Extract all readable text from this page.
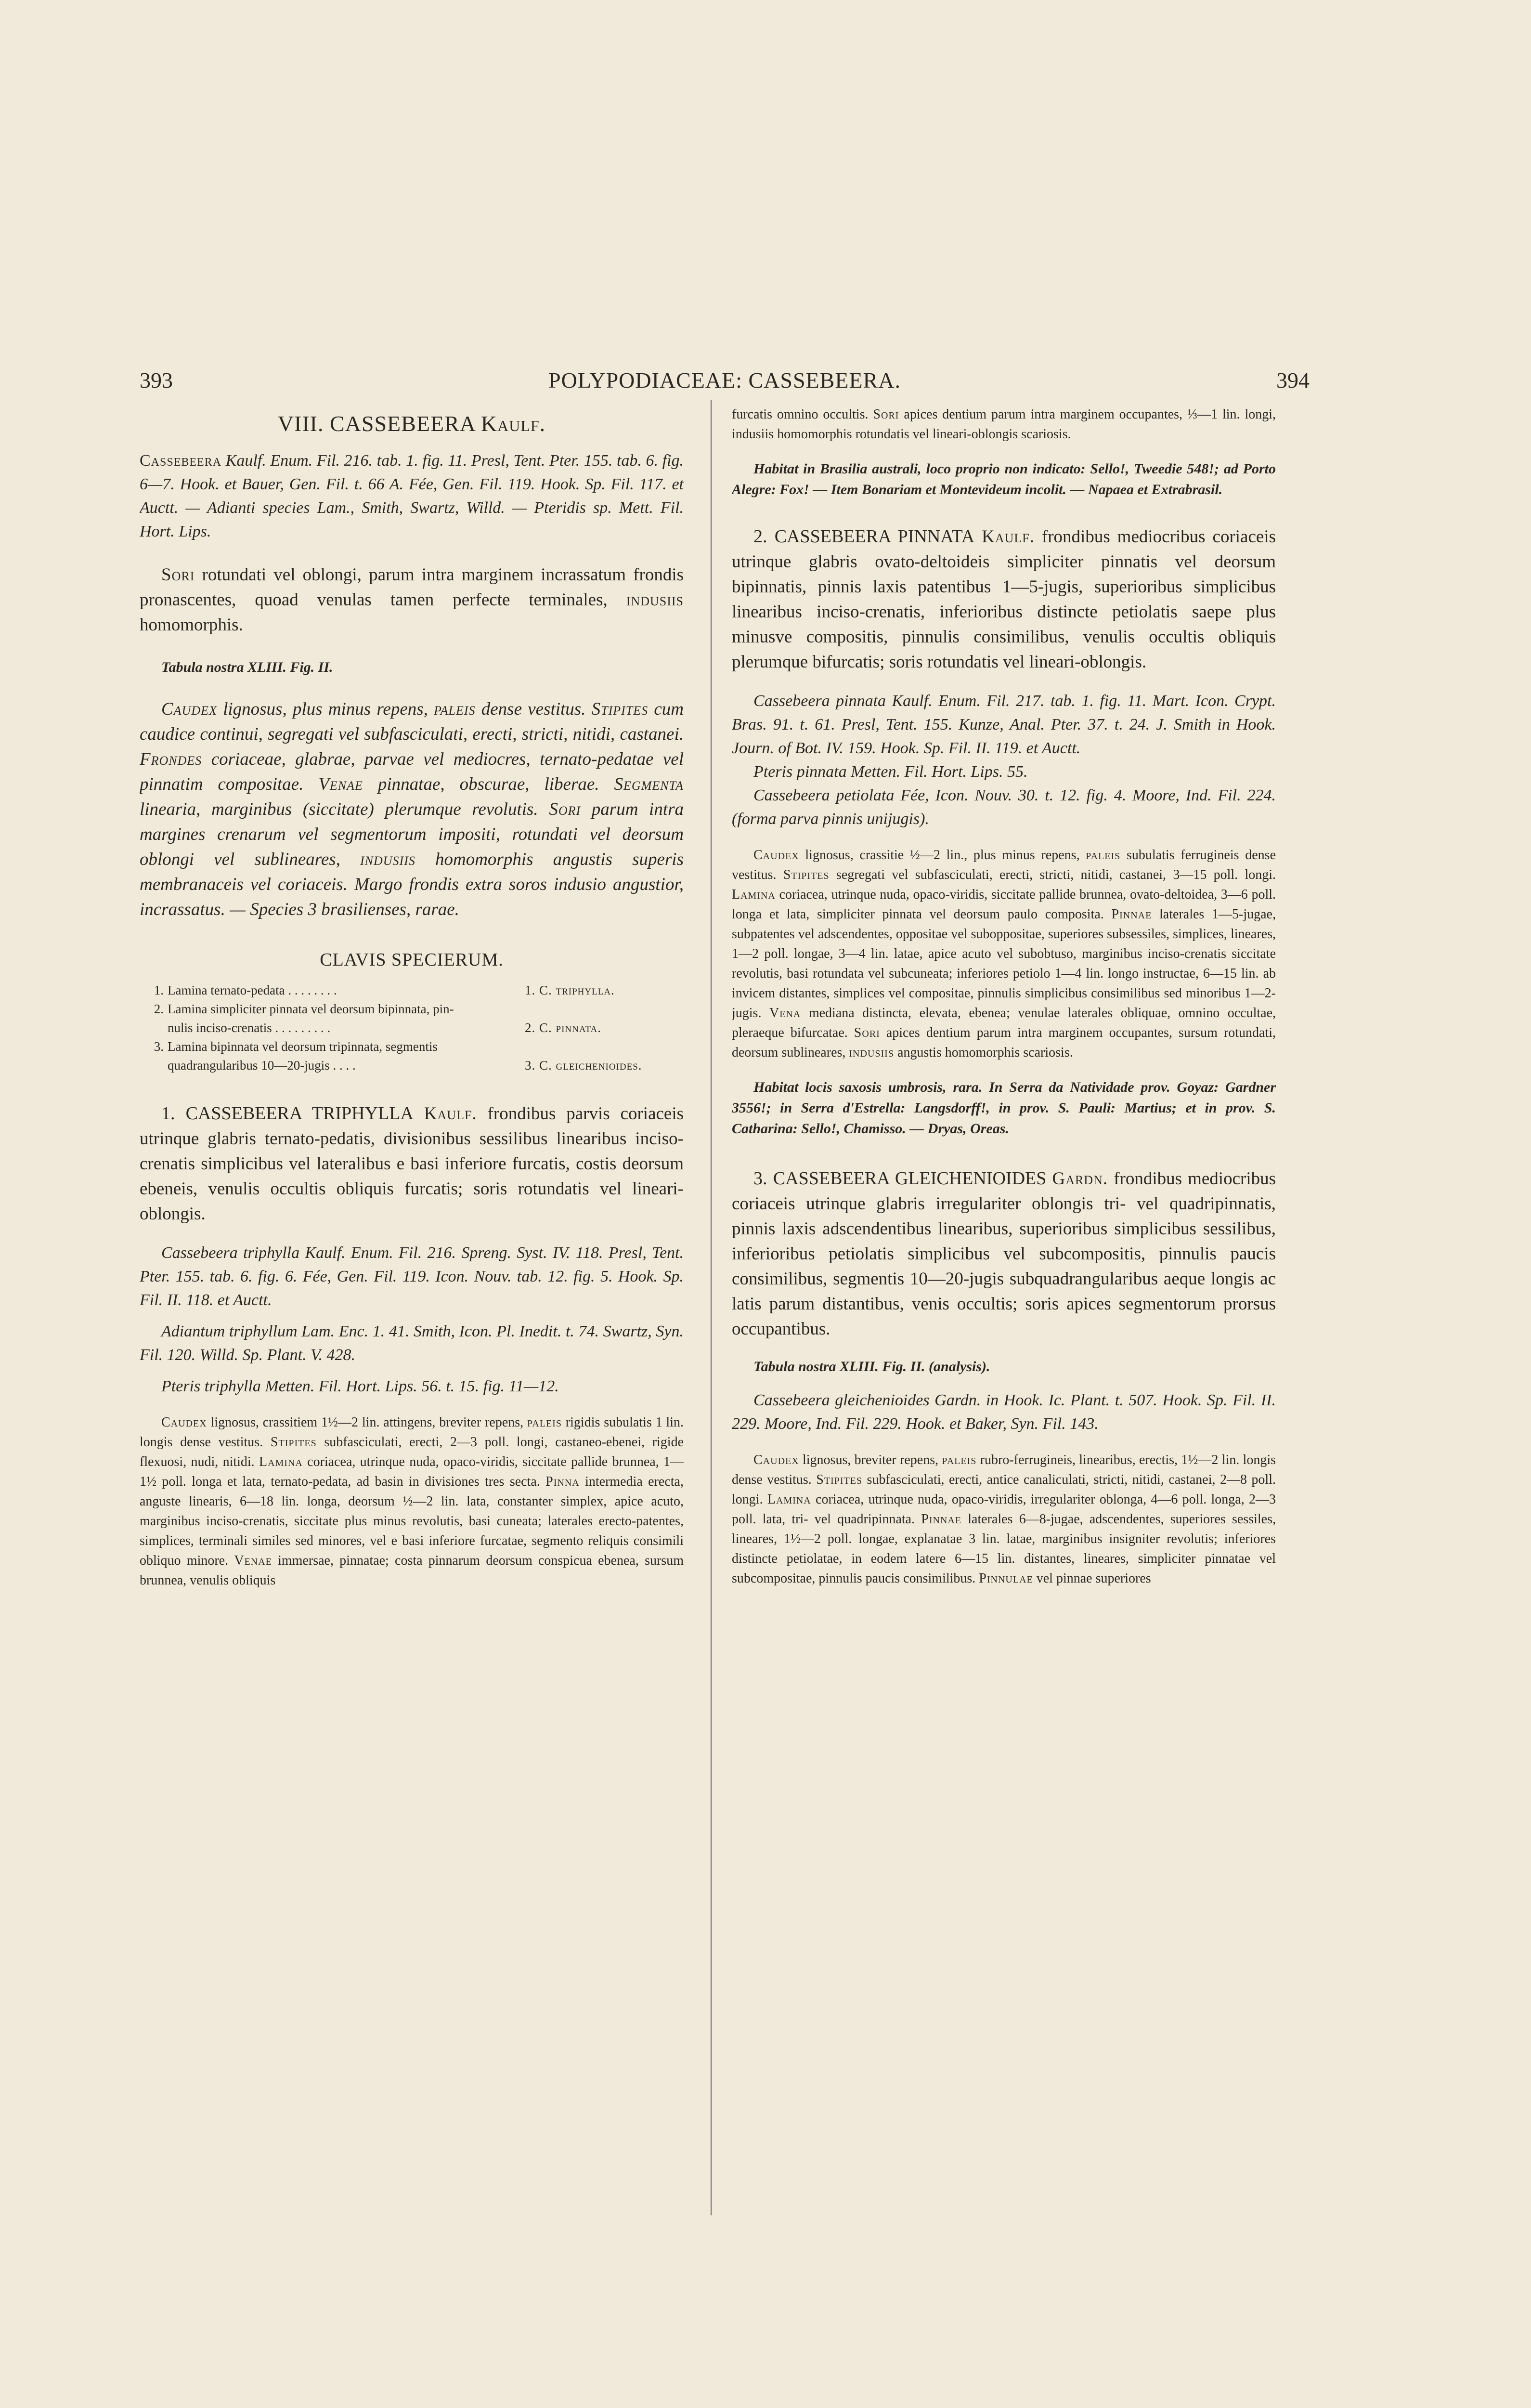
393	POLYPODIACEAE: CASSEBEERA.	394
VIII. CASSEBEERA Kaulf.

Cassebeera Kaulf. Enum. Fil. 216. tab. 1. fig. 11. Presl, Tent. Pter. 155. tab. 6. fig. 6—7. Hook. et Bauer, Gen. Fil. t. 66 A. Fée, Gen. Fil. 119. Hook. Sp. Fil. 117. et Auctt. — Adianti species Lam., Smith, Swartz, Willd. — Pteridis sp. Mett. Fil. Hort. Lips.

Sori rotundati vel oblongi, parum intra marginem incrassatum frondis pronascentes, quoad venulas tamen perfecte terminales, indusiis homomorphis.

Tabula nostra XLIII. Fig. II.

Caudex lignosus, plus minus repens, paleis dense vestitus. Stipites cum caudice continui, segregati vel subfasciculati, erecti, stricti, nitidi, castanei. Frondes coriaceae, glabrae, parvae vel mediocres, ternato-pedatae vel pinnatim compositae. Venae pinnatae, obscurae, liberae. Segmenta linearia, marginibus (siccitate) plerumque revolutis. Sori parum intra margines crenarum vel segmentorum impositi, rotundati vel deorsum oblongi vel sublineares, indusiis homomorphis angustis superis membranaceis vel coriaceis. Margo frondis extra soros indusio angustior, incrassatus. — Species 3 brasilienses, rarae.

CLAVIS SPECIERUM.
1. Lamina ternato-pedata . . . . . . . .	1. C. triphylla.
2. Lamina simpliciter pinnata vel deorsum bipinnata, pin-
nulis inciso-crenatis . . . . . . . . .	2. C. pinnata.
3. Lamina bipinnata vel deorsum tripinnata, segmentis
quadrangularibus 10—20-jugis . . . .	3. C. gleichenioides.

1. CASSEBEERA TRIPHYLLA Kaulf. frondibus parvis coriaceis utrinque glabris ternato-pedatis, divisionibus sessilibus linearibus inciso-crenatis simplicibus vel lateralibus e basi inferiore furcatis, costis deorsum ebeneis, venulis occultis obliquis furcatis; soris rotundatis vel lineari-oblongis.

Cassebeera triphylla Kaulf. Enum. Fil. 216. Spreng. Syst. IV. 118. Presl, Tent. Pter. 155. tab. 6. fig. 6. Fée, Gen. Fil. 119. Icon. Nouv. tab. 12. fig. 5. Hook. Sp. Fil. II. 118. et Auctt.

Adiantum triphyllum Lam. Enc. 1. 41. Smith, Icon. Pl. Inedit. t. 74. Swartz, Syn. Fil. 120. Willd. Sp. Plant. V. 428.

Pteris triphylla Metten. Fil. Hort. Lips. 56. t. 15. fig. 11—12.

Caudex lignosus, crassitiem 1½—2 lin. attingens, breviter repens, paleis rigidis subulatis 1 lin. longis dense vestitus. Stipites subfasciculati, erecti, 2—3 poll. longi, castaneo-ebenei, rigide flexuosi, nudi, nitidi. Lamina coriacea, utrinque nuda, opaco-viridis, siccitate pallide brunnea, 1—1½ poll. longa et lata, ternato-pedata, ad basin in divisiones tres secta. Pinna intermedia erecta, anguste linearis, 6—18 lin. longa, deorsum ½—2 lin. lata, constanter simplex, apice acuto, marginibus inciso-crenatis, siccitate plus minus revolutis, basi cuneata; laterales erecto-patentes, simplices, terminali similes sed minores, vel e basi inferiore furcatae, segmento reliquis consimili obliquo minore. Venae immersae, pinnatae; costa pinnarum deorsum conspicua ebenea, sursum brunnea, venulis obliquis

furcatis omnino occultis. Sori apices dentium parum intra marginem occupantes, ⅓—1 lin. longi, indusiis homomorphis rotundatis vel lineari-oblongis scariosis.

Habitat in Brasilia australi, loco proprio non indicato: Sello!, Tweedie 548!; ad Porto Alegre: Fox! — Item Bonariam et Montevideum incolit. — Napaea et Extrabrasil.

2. CASSEBEERA PINNATA Kaulf. frondibus mediocribus coriaceis utrinque glabris ovato-deltoideis simpliciter pinnatis vel deorsum bipinnatis, pinnis laxis patentibus 1—5-jugis, superioribus simplicibus linearibus inciso-crenatis, inferioribus distincte petiolatis saepe plus minusve compositis, pinnulis consimilibus, venulis occultis obliquis plerumque bifurcatis; soris rotundatis vel lineari-oblongis.

Cassebeera pinnata Kaulf. Enum. Fil. 217. tab. 1. fig. 11. Mart. Icon. Crypt. Bras. 91. t. 61. Presl, Tent. 155. Kunze, Anal. Pter. 37. t. 24. J. Smith in Hook. Journ. of Bot. IV. 159. Hook. Sp. Fil. II. 119. et Auctt.

Pteris pinnata Metten. Fil. Hort. Lips. 55.

Cassebeera petiolata Fée, Icon. Nouv. 30. t. 12. fig. 4. Moore, Ind. Fil. 224. (forma parva pinnis unijugis).

Caudex lignosus, crassitie ½—2 lin., plus minus repens, paleis subulatis ferrugineis dense vestitus. Stipites segregati vel subfasciculati, erecti, stricti, nitidi, castanei, 3—15 poll. longi. Lamina coriacea, utrinque nuda, opaco-viridis, siccitate pallide brunnea, ovato-deltoidea, 3—6 poll. longa et lata, simpliciter pinnata vel deorsum paulo composita. Pinnae laterales 1—5-jugae, subpatentes vel adscendentes, oppositae vel suboppositae, superiores subsessiles, simplices, lineares, 1—2 poll. longae, 3—4 lin. latae, apice acuto vel subobtuso, marginibus inciso-crenatis siccitate revolutis, basi rotundata vel subcuneata; inferiores petiolo 1—4 lin. longo instructae, 6—15 lin. ab invicem distantes, simplices vel compositae, pinnulis simplicibus consimilibus sed minoribus 1—2-jugis. Vena mediana distincta, elevata, ebenea; venulae laterales obliquae, omnino occultae, pleraeque bifurcatae. Sori apices dentium parum intra marginem occupantes, sursum rotundati, deorsum sublineares, indusiis angustis homomorphis scariosis.

Habitat locis saxosis umbrosis, rara. In Serra da Natividade prov. Goyaz: Gardner 3556!; in Serra d'Estrella: Langsdorff!, in prov. S. Pauli: Martius; et in prov. S. Catharina: Sello!, Chamisso. — Dryas, Oreas.

3. CASSEBEERA GLEICHENIOIDES Gardn. frondibus mediocribus coriaceis utrinque glabris irregulariter oblongis tri- vel quadripinnatis, pinnis laxis adscendentibus linearibus, superioribus simplicibus sessilibus, inferioribus petiolatis simplicibus vel subcompositis, pinnulis paucis consimilibus, segmentis 10—20-jugis subquadrangularibus aeque longis ac latis parum distantibus, venis occultis; soris apices segmentorum prorsus occupantibus.

Tabula nostra XLIII. Fig. II. (analysis).

Cassebeera gleichenioides Gardn. in Hook. Ic. Plant. t. 507. Hook. Sp. Fil. II. 229. Moore, Ind. Fil. 229. Hook. et Baker, Syn. Fil. 143.

Caudex lignosus, breviter repens, paleis rubro-ferrugineis, linearibus, erectis, 1½—2 lin. longis dense vestitus. Stipites subfasciculati, erecti, antice canaliculati, stricti, nitidi, castanei, 2—8 poll. longi. Lamina coriacea, utrinque nuda, opaco-viridis, irregulariter oblonga, 4—6 poll. longa, 2—3 poll. lata, tri- vel quadripinnata. Pinnae laterales 6—8-jugae, adscendentes, superiores sessiles, lineares, 1½—2 poll. longae, explanatae 3 lin. latae, marginibus insigniter revolutis; inferiores distincte petiolatae, in eodem latere 6—15 lin. distantes, lineares, simpliciter pinnatae vel subcompositae, pinnulis paucis consimilibus. Pinnulae vel pinnae superiores
